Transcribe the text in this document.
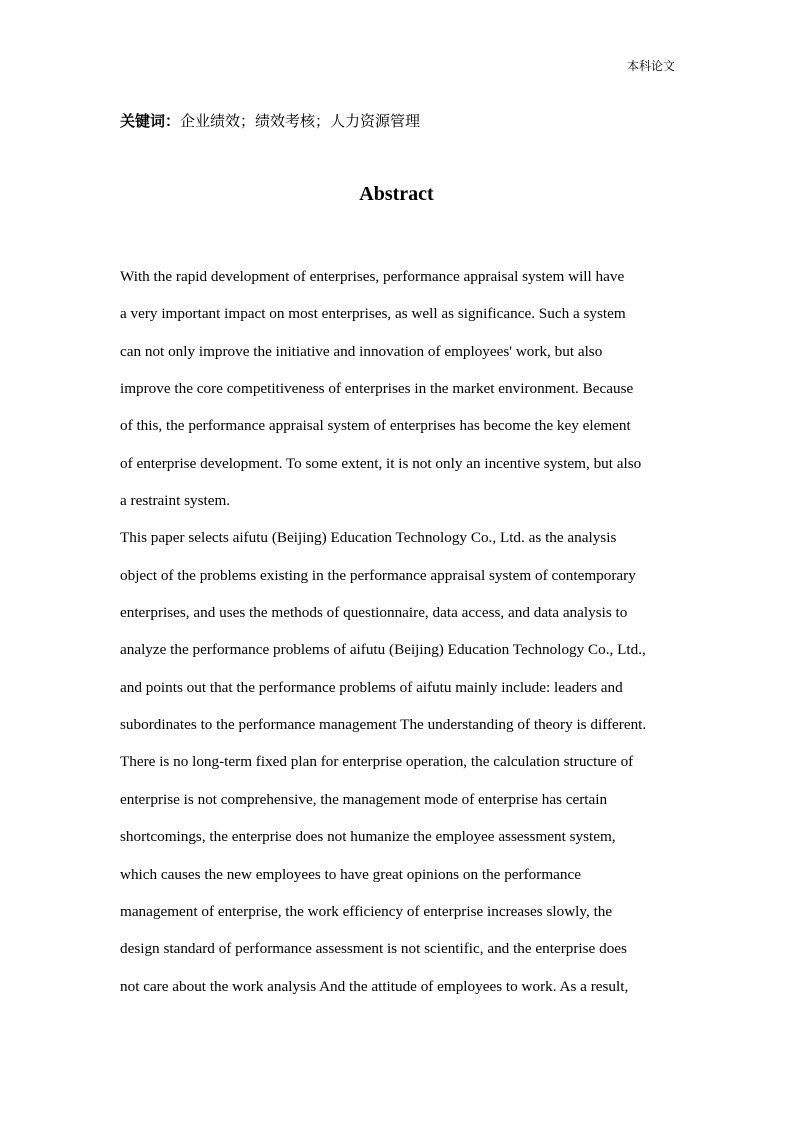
本科论文
关键词：企业绩效；绩效考核；人力资源管理
Abstract
With the rapid development of enterprises, performance appraisal system will have
a very important impact on most enterprises, as well as significance. Such a system
can not only improve the initiative and innovation of employees' work, but also
improve the core competitiveness of enterprises in the market environment. Because
of this, the performance appraisal system of enterprises has become the key element
of enterprise development. To some extent, it is not only an incentive system, but also
a restraint system.
This paper selects aifutu (Beijing) Education Technology Co., Ltd. as the analysis
object of the problems existing in the performance appraisal system of contemporary
enterprises, and uses the methods of questionnaire, data access, and data analysis to
analyze the performance problems of aifutu (Beijing) Education Technology Co., Ltd.,
and points out that the performance problems of aifutu mainly include: leaders and
subordinates to the performance management The understanding of theory is different.
There is no long-term fixed plan for enterprise operation, the calculation structure of
enterprise is not comprehensive, the management mode of enterprise has certain
shortcomings, the enterprise does not humanize the employee assessment system,
which causes the new employees to have great opinions on the performance
management of enterprise, the work efficiency of enterprise increases slowly, the
design standard of performance assessment is not scientific, and the enterprise does
not care about the work analysis And the attitude of employees to work. As a result,
